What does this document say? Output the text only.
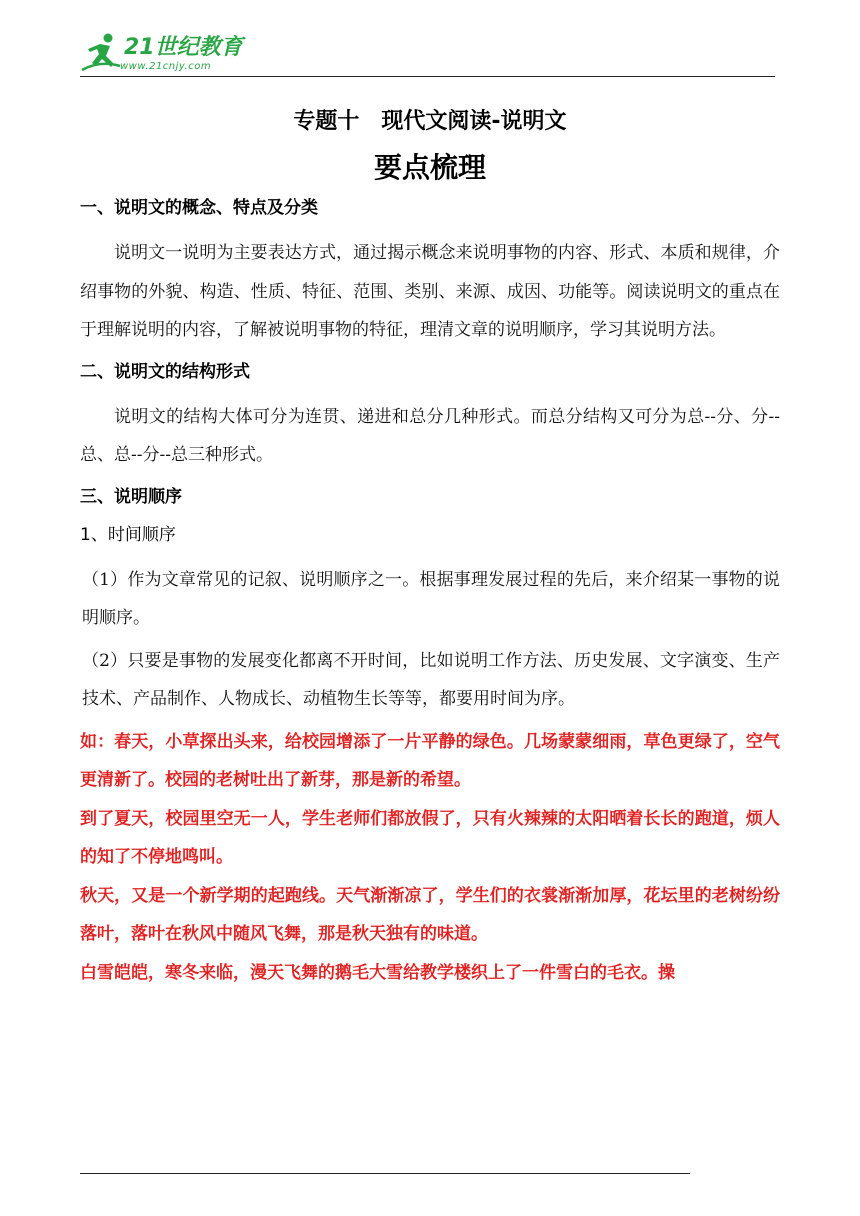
21世纪教育
www.21cnjy.com
专题十　现代文阅读-说明文
要点梳理
一、说明文的概念、特点及分类

说明文一说明为主要表达方式，通过揭示概念来说明事物的内容、形式、本质和规律，介绍事物的外貌、构造、性质、特征、范围、类别、来源、成因、功能等。阅读说明文的重点在于理解说明的内容，了解被说明事物的特征，理清文章的说明顺序，学习其说明方法。

二、说明文的结构形式

说明文的结构大体可分为连贯、递进和总分几种形式。而总分结构又可分为总--分、分--总、总--分--总三种形式。

三、说明顺序
1、时间顺序

（1）作为文章常见的记叙、说明顺序之一。根据事理发展过程的先后，来介绍某一事物的说明顺序。

（2）只要是事物的发展变化都离不开时间，比如说明工作方法、历史发展、文字演变、生产技术、产品制作、人物成长、动植物生长等等，都要用时间为序。

如：春天，小草探出头来，给校园增添了一片平静的绿色。几场蒙蒙细雨，草色更绿了，空气更清新了。校园的老树吐出了新芽，那是新的希望。

到了夏天，校园里空无一人，学生老师们都放假了，只有火辣辣的太阳晒着长长的跑道，烦人的知了不停地鸣叫。

秋天，又是一个新学期的起跑线。天气渐渐凉了，学生们的衣裳渐渐加厚，花坛里的老树纷纷落叶，落叶在秋风中随风飞舞，那是秋天独有的味道。

白雪皑皑，寒冬来临，漫天飞舞的鹅毛大雪给教学楼织上了一件雪白的毛衣。操
